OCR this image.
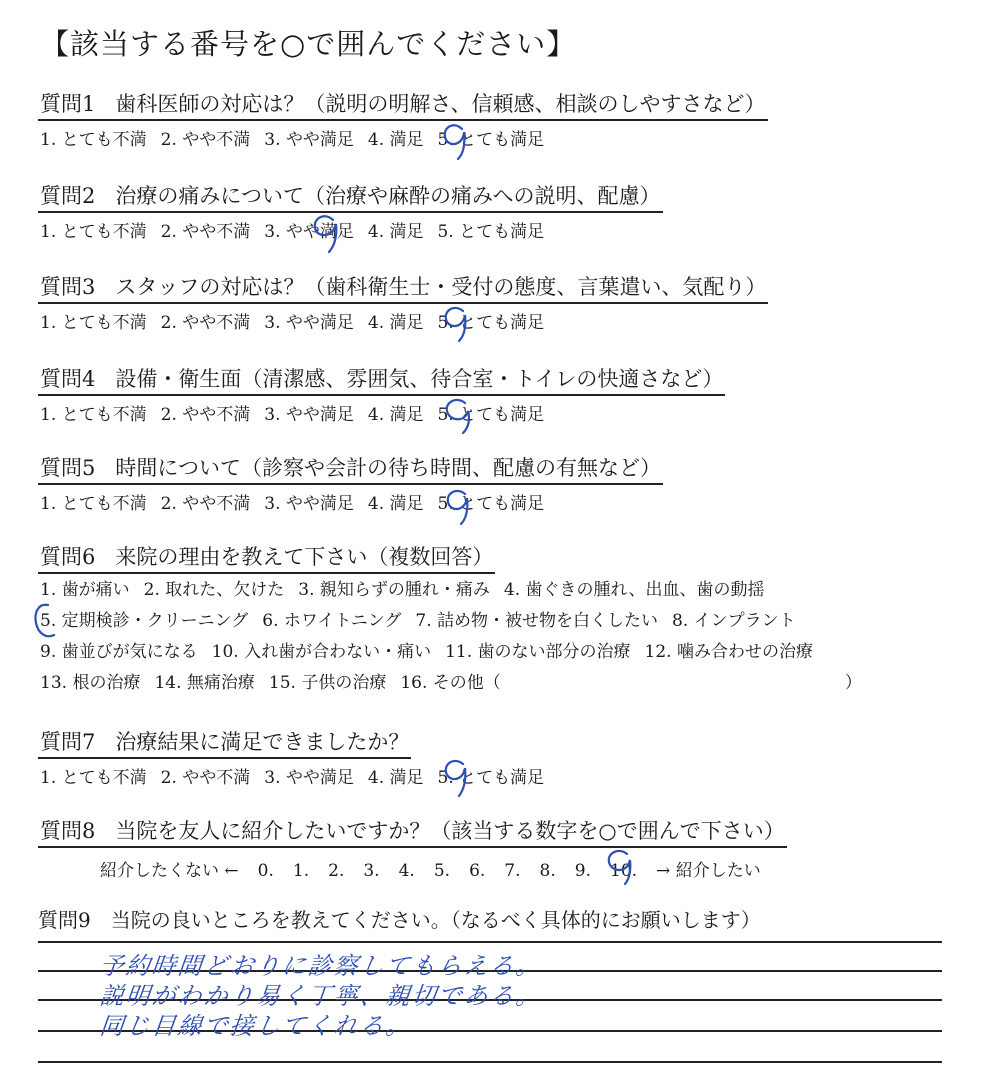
【該当する番号を○で囲んでください】
質問1 歯科医師の対応は？（説明の明解さ、信頼感、相談のしやすさなど）
1. とても不満 2. やや不満 3. やや満足 4. 満足 5. とても満足
質問2 治療の痛みについて（治療や麻酔の痛みへの説明、配慮）
1. とても不満 2. やや不満 3. やや満足 4. 満足 5. とても満足
質問3 スタッフの対応は？（歯科衛生士・受付の態度、言葉遣い、気配り）
1. とても不満 2. やや不満 3. やや満足 4. 満足 5. とても満足
質問4 設備・衛生面（清潔感、雰囲気、待合室・トイレの快適さなど）
1. とても不満 2. やや不満 3. やや満足 4. 満足 5. とても満足
質問5 時間について（診察や会計の待ち時間、配慮の有無など）
1. とても不満 2. やや不満 3. やや満足 4. 満足 5. とても満足
質問6 来院の理由を教えて下さい（複数回答）
1. 歯が痛い 2. 取れた、欠けた 3. 親知らずの腫れ・痛み 4. 歯ぐきの腫れ、出血、歯の動揺
5. 定期検診・クリーニング 6. ホワイトニング 7. 詰め物・被せ物を白くしたい 8. インプラント
9. 歯並びが気になる 10. 入れ歯が合わない・痛い 11. 歯のない部分の治療 12. 噛み合わせの治療
13. 根の治療 14. 無痛治療 15. 子供の治療 16. その他（	）
質問7 治療結果に満足できましたか？
1. とても不満 2. やや不満 3. やや満足 4. 満足 5. とても満足
質問8 当院を友人に紹介したいですか？（該当する数字を○で囲んで下さい）
紹介したくない ← 0. 1. 2. 3. 4. 5. 6. 7. 8. 9. 10. → 紹介したい
質問9 当院の良いところを教えてください。（なるべく具体的にお願いします）
予約時間どおりに診察してもらえる。
説明がわかり易く丁寧、親切である。
同じ目線で接してくれる。
